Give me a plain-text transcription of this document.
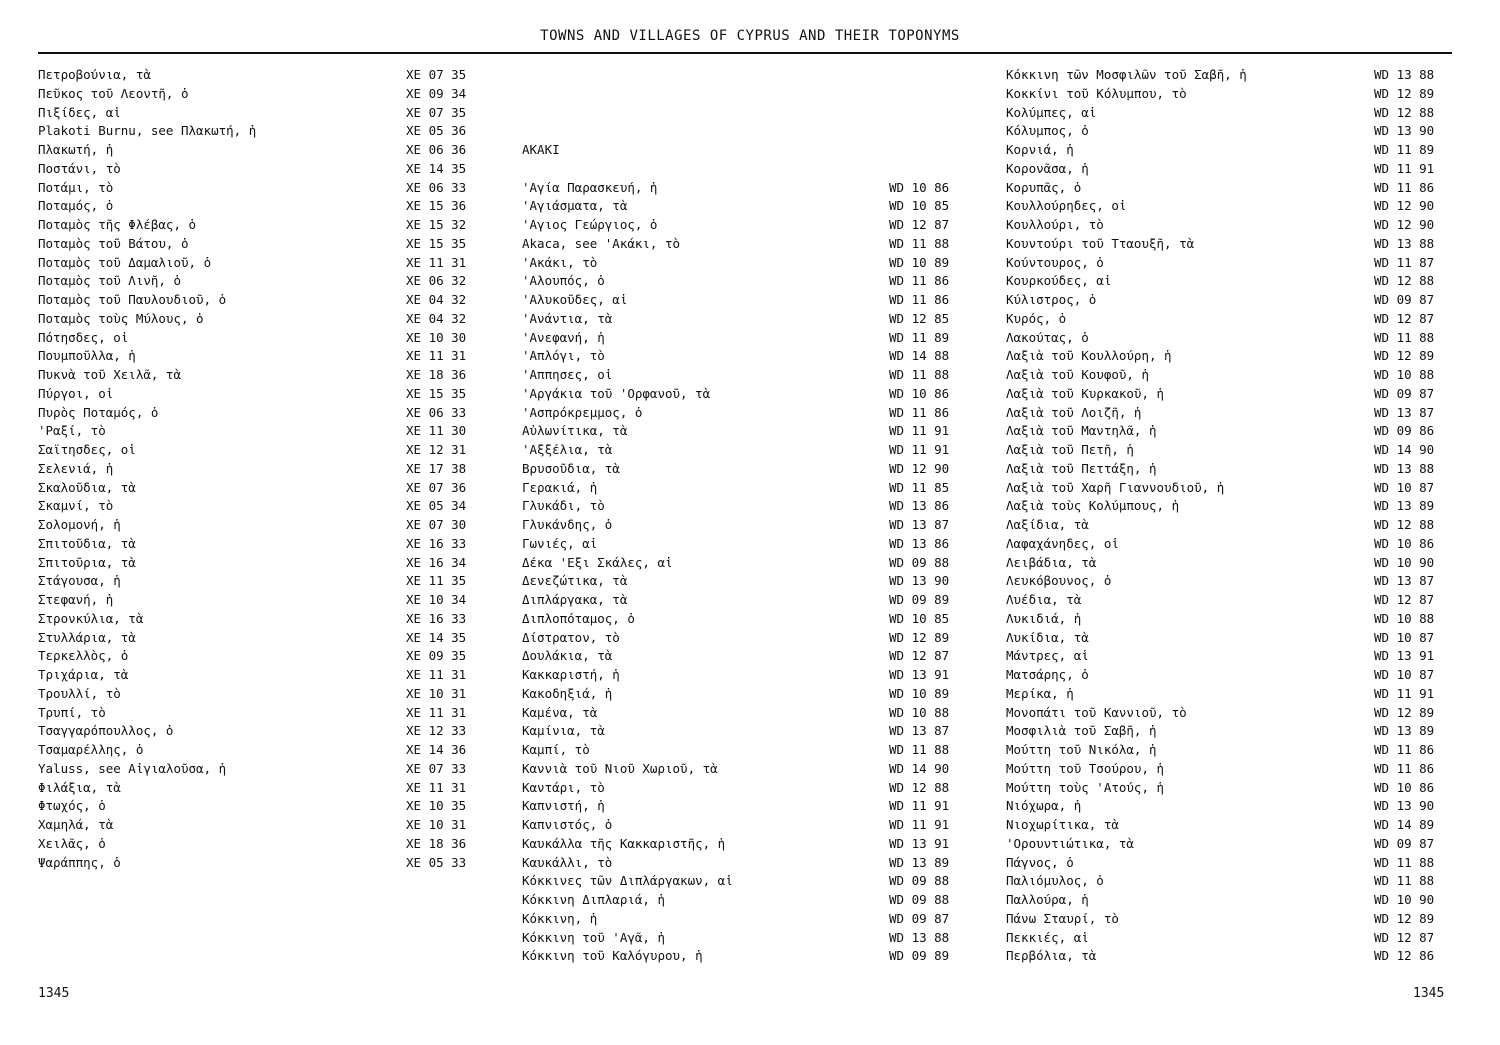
TOWNS AND VILLAGES OF CYPRUS AND THEIR TOPONYMS
Πετροβούνια, τὰ	XE 07 35
Πεῦκος τοῦ Λεοντῆ, ὁ	XE 09 34
Πιξίδες, αἱ	XE 07 35
Plakoti Burnu, see Πλακωτή, ἡ	XE 05 36
Πλακωτή, ἡ	XE 06 36
Ποστάνι, τὸ	XE 14 35
Ποτάμι, τὸ	XE 06 33
Ποταμός, ὁ	XE 15 36
Ποταμὸς τῆς Φλέβας, ὁ	XE 15 32
Ποταμὸς τοῦ Βάτου, ὁ	XE 15 35
Ποταμὸς τοῦ Δαμαλιοῦ, ὁ	XE 11 31
Ποταμὸς τοῦ Λινῆ, ὁ	XE 06 32
Ποταμὸς τοῦ Παυλουδιοῦ, ὁ	XE 04 32
Ποταμὸς τοὺς Μύλους, ὁ	XE 04 32
Πότησδες, οἱ	XE 10 30
Πουμποῦλλα, ἡ	XE 11 31
Πυκνὰ τοῦ Χειλᾶ, τὰ	XE 18 36
Πύργοι, οἱ	XE 15 35
Πυρὸς Ποταμός, ὁ	XE 06 33
'Ραξί, τὸ	XE 11 30
Σαϊτησδες, οἱ	XE 12 31
Σελενιά, ἡ	XE 17 38
Σκαλοῦδια, τὰ	XE 07 36
Σκαμνί, τὸ	XE 05 34
Σολομονή, ἡ	XE 07 30
Σπιτοῦδια, τὰ	XE 16 33
Σπιτοῦρια, τὰ	XE 16 34
Στάγουσα, ἡ	XE 11 35
Στεφανή, ἡ	XE 10 34
Στρονκύλια, τὰ	XE 16 33
Στυλλάρια, τὰ	XE 14 35
Τερκελλὸς, ὁ	XE 09 35
Τριχάρια, τὰ	XE 11 31
Τρουλλί, τὸ	XE 10 31
Τρυπί, τὸ	XE 11 31
Τσαγγαρόπουλλος, ὁ	XE 12 33
Τσαμαρέλλης, ὁ	XE 14 36
Yaluss, see Αἰγιαλοῦσα, ἡ	XE 07 33
Φιλάξια, τὰ	XE 11 31
Φτωχός, ὁ	XE 10 35
Χαμηλά, τὰ	XE 10 31
Χειλᾶς, ὁ	XE 18 36
Ψαράππης, ὁ	XE 05 33
AKAKI
'Αγία Παρασκευή, ἡ	WD 10 86
'Αγιάσματα, τὰ	WD 10 85
'Αγιος Γεώργιος, ὁ	WD 12 87
Akaca, see 'Ακάκι, τὸ	WD 11 88
'Ακάκι, τὸ	WD 10 89
'Αλουπός, ὁ	WD 11 86
'Αλυκοῦδες, αἱ	WD 11 86
'Ανάντια, τὰ	WD 12 85
'Ανεφανή, ἡ	WD 11 89
'Απλόγι, τὸ	WD 14 88
'Αππησες, οἱ	WD 11 88
'Αργάκια τοῦ 'Ορφανοῦ, τὰ	WD 10 86
'Ασπρόκρεμμος, ὁ	WD 11 86
Αὐλωνίτικα, τὰ	WD 11 91
'Αξξέλια, τὰ	WD 11 91
Βρυσοῦδια, τὰ	WD 12 90
Γερακιά, ἡ	WD 11 85
Γλυκάδι, τὸ	WD 13 86
Γλυκάνδης, ὁ	WD 13 87
Γωνιές, αἱ	WD 13 86
Δέκα 'Εξι Σκάλες, αἱ	WD 09 88
Δενεζώτικα, τὰ	WD 13 90
Διπλάργακα, τὰ	WD 09 89
Διπλοπόταμος, ὁ	WD 10 85
Δίστρατον, τὸ	WD 12 89
Δουλάκια, τὰ	WD 12 87
Κακκαριστή, ἡ	WD 13 91
Κακοδηξιά, ἡ	WD 10 89
Καμένα, τὰ	WD 10 88
Καμίνια, τὰ	WD 13 87
Καμπί, τὸ	WD 11 88
Καννιὰ τοῦ Νιοῦ Χωριοῦ, τὰ	WD 14 90
Καντάρι, τὸ	WD 12 88
Καπνιστή, ἡ	WD 11 91
Καπνιστός, ὁ	WD 11 91
Καυκάλλα τῆς Κακκαριστῆς, ἡ	WD 13 91
Καυκάλλι, τὸ	WD 13 89
Κόκκινες τῶν Διπλάργακων, αἱ	WD 09 88
Κόκκινη Διπλαριά, ἡ	WD 09 88
Κόκκινη, ἡ	WD 09 87
Κόκκινη τοῦ 'Αγᾶ, ἡ	WD 13 88
Κόκκινη τοῦ Καλόγυρου, ἡ	WD 09 89
Κόκκινη τῶν Μοσφιλῶν τοῦ Σαβῆ, ἡ	WD 13 88
Κοκκίνι τοῦ Κόλυμπου, τὸ	WD 12 89
Κολύμπες, αἱ	WD 12 88
Κόλυμπος, ὁ	WD 13 90
Κορνιά, ἡ	WD 11 89
Κορονᾶσα, ἡ	WD 11 91
Κορυπᾶς, ὁ	WD 11 86
Κουλλούρηδες, οἱ	WD 12 90
Κουλλούρι, τὸ	WD 12 90
Κουντούρι τοῦ Τταουξῆ, τὰ	WD 13 88
Κούντουρος, ὁ	WD 11 87
Κουρκούδες, αἱ	WD 12 88
Κύλιστρος, ὁ	WD 09 87
Κυρός, ὁ	WD 12 87
Λακούτας, ὁ	WD 11 88
Λαξιὰ τοῦ Κουλλούρη, ἡ	WD 12 89
Λαξιὰ τοῦ Κουφοῦ, ἡ	WD 10 88
Λαξιὰ τοῦ Κυρκακοῦ, ἡ	WD 09 87
Λαξιὰ τοῦ Λοιζῆ, ἡ	WD 13 87
Λαξιὰ τοῦ Μαντηλᾶ, ἡ	WD 09 86
Λαξιὰ τοῦ Πετῆ, ἡ	WD 14 90
Λαξιὰ τοῦ Πεττάξη, ἡ	WD 13 88
Λαξιὰ τοῦ Χαρῆ Γιαννουδιοῦ, ἡ	WD 10 87
Λαξιὰ τοὺς Κολύμπους, ἡ	WD 13 89
Λαξίδια, τὰ	WD 12 88
Λαφαχάνηδες, οἱ	WD 10 86
Λειβάδια, τὰ	WD 10 90
Λευκόβουνος, ὁ	WD 13 87
Λυέδια, τὰ	WD 12 87
Λυκιδιά, ἡ	WD 10 88
Λυκίδια, τὰ	WD 10 87
Μάντρες, αἱ	WD 13 91
Ματσάρης, ὁ	WD 10 87
Μερίκα, ἡ	WD 11 91
Μονοπάτι τοῦ Καννιοῦ, τὸ	WD 12 89
Μοσφιλιὰ τοῦ Σαβῆ, ἡ	WD 13 89
Μούττη τοῦ Νικόλα, ἡ	WD 11 86
Μούττη τοῦ Τσούρου, ἡ	WD 11 86
Μούττη τοὺς 'Ατούς, ἡ	WD 10 86
Νιόχωρα, ἡ	WD 13 90
Νιοχωρίτικα, τὰ	WD 14 89
'Ορουντιώτικα, τὰ	WD 09 87
Πάγνος, ὁ	WD 11 88
Παλιόμυλος, ὁ	WD 11 88
Παλλούρα, ἡ	WD 10 90
Πάνω Σταυρί, τὸ	WD 12 89
Πεκκιές, αἱ	WD 12 87
Περβόλια, τὰ	WD 12 86
1345	1345
